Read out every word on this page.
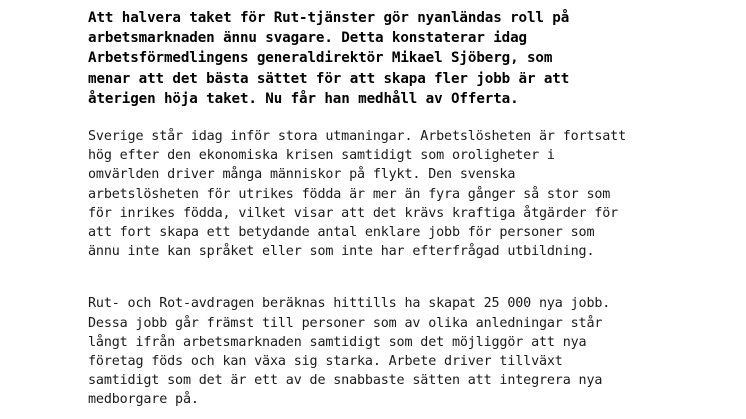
Att halvera taket för Rut-tjänster gör nyanländas roll på
arbetsmarknaden ännu svagare. Detta konstaterar idag
Arbetsförmedlingens generaldirektör Mikael Sjöberg, som
menar att det bästa sättet för att skapa fler jobb är att
återigen höja taket. Nu får han medhåll av Offerta.

Sverige står idag inför stora utmaningar. Arbetslösheten är fortsatt
hög efter den ekonomiska krisen samtidigt som oroligheter i
omvärlden driver många människor på flykt. Den svenska
arbetslösheten för utrikes födda är mer än fyra gånger så stor som
för inrikes födda, vilket visar att det krävs kraftiga åtgärder för
att fort skapa ett betydande antal enklare jobb för personer som
ännu inte kan språket eller som inte har efterfrågad utbildning.

Rut- och Rot-avdragen beräknas hittills ha skapat 25 000 nya jobb.
Dessa jobb går främst till personer som av olika anledningar står
långt ifrån arbetsmarknaden samtidigt som det möjliggör att nya
företag föds och kan växa sig starka. Arbete driver tillväxt
samtidigt som det är ett av de snabbaste sätten att integrera nya
medborgare på.
